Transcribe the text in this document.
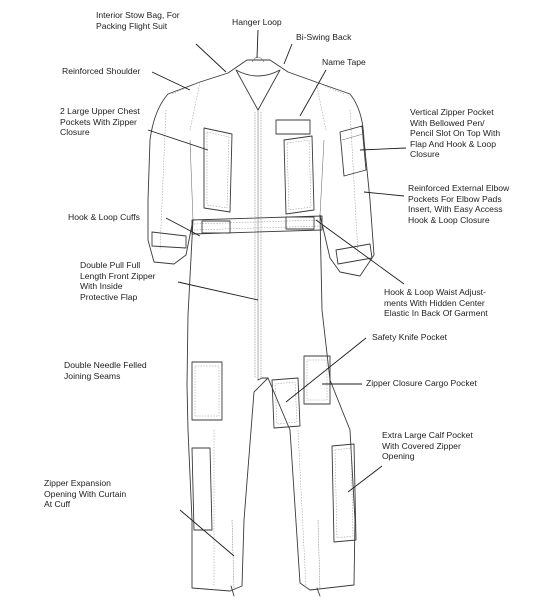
Interior Stow Bag, For
Packing Flight Suit	Hanger Loop
Bi-Swing Back
Reinforced Shoulder
Name Tape
2 Large Upper Chest
Pockets With Zipper
Closure
Vertical Zipper Pocket
With Bellowed Pen/
Pencil Slot On Top With
Flap And Hook & Loop
Closure
Reinforced External Elbow
Pockets For Elbow Pads
Insert, With Easy Access
Hook & Loop Closure
Hook & Loop Cuffs
Double Pull Full
Length Front Zipper
With Inside
Protective Flap	Hook & Loop Waist Adjust-
ments With Hidden Center
Elastic In Back Of Garment
Safety Knife Pocket
Double Needle Felled
Joining Seams
Zipper Closure Cargo Pocket
Extra Large Calf Pocket
With Covered Zipper
Opening
Zipper Expansion
Opening With Curtain
At Cuff
